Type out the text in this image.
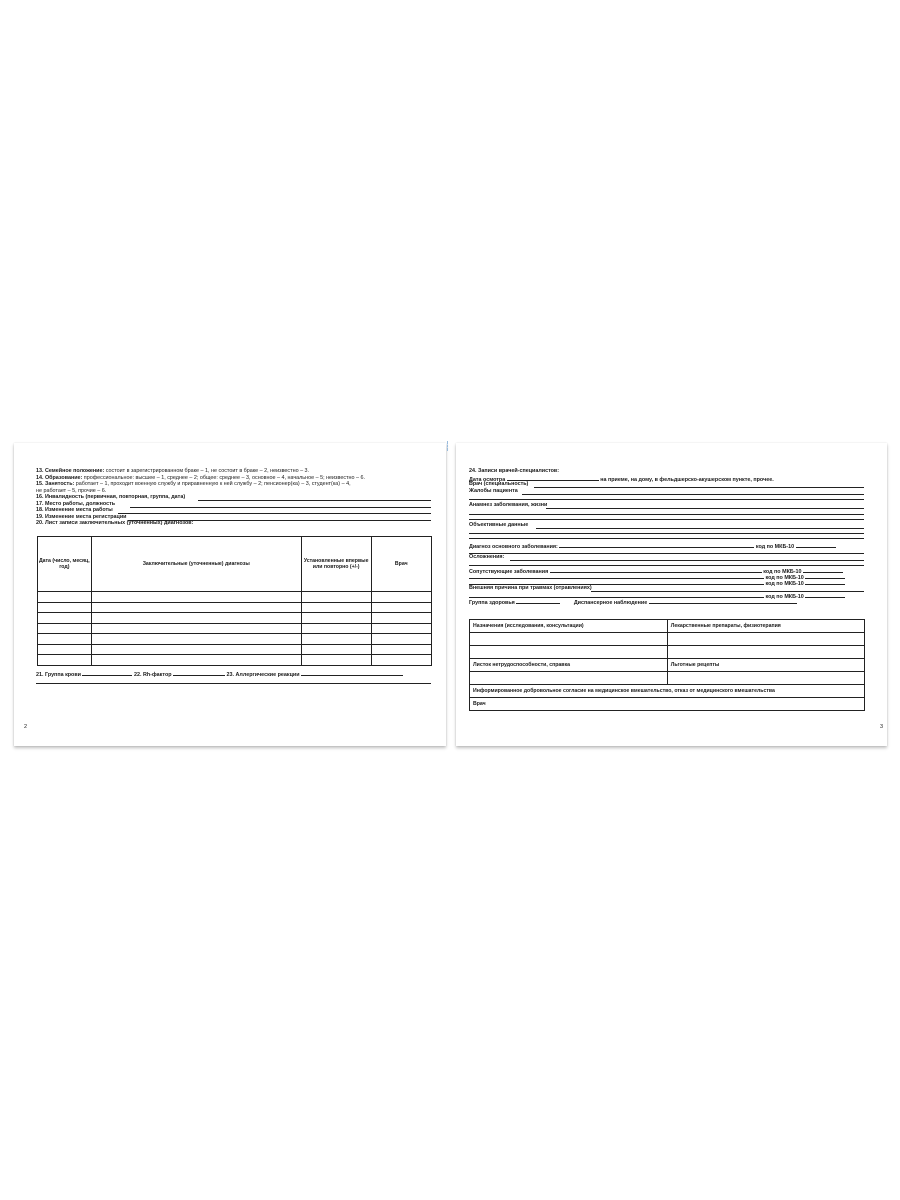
13. Семейное положение: состоит в зарегистрированном браке – 1, не состоит в браке – 2, неизвестно – 3.
14. Образование: профессиональное: высшее – 1, среднее – 2; общее: среднее – 3, основное – 4, начальное – 5; неизвестно – 6.
15. Занятость: работает – 1, проходит военную службу и приравненную к ней службу – 2; пенсионер(ка) – 3, студент(ка) – 4,
не работает – 5, прочие – 6.
16. Инвалидность (первичная, повторная, группа, дата)
17. Место работы, должность
18. Изменение места работы
19. Изменение места регистрации
20. Лист записи заключительных (уточненных) диагнозов:
Дата (число, месяц, год)	Заключительные (уточненные) диагнозы	Установленные впервые или повторно (+/-)	Врач

21. Группа крови	22. Rh-фактор	23. Аллергические реакции
2
24. Записи врачей-специалистов:
Дата осмотра	на приеме, на дому, в фельдшерско-акушерском пункте, прочее.
Врач (специальность)
Жалобы пациента
Анамнез заболевания, жизни
Объективные данные
Диагноз основного заболевания:	код по МКБ-10
Осложнения:
Сопутствующие заболевания	код по МКБ-10
код по МКБ-10
код по МКБ-10
Внешняя причина при травмах (отравлениях)
код по МКБ-10
Группа здоровья	Диспансерное наблюдение
Назначения (исследования, консультации)	Лекарственные препараты, физиотерапия

Листок нетрудоспособности, справка	Льготные рецепты

Информированное добровольное согласие на медицинское вмешательство, отказ от медицинского вмешательства	
Врач	
3
